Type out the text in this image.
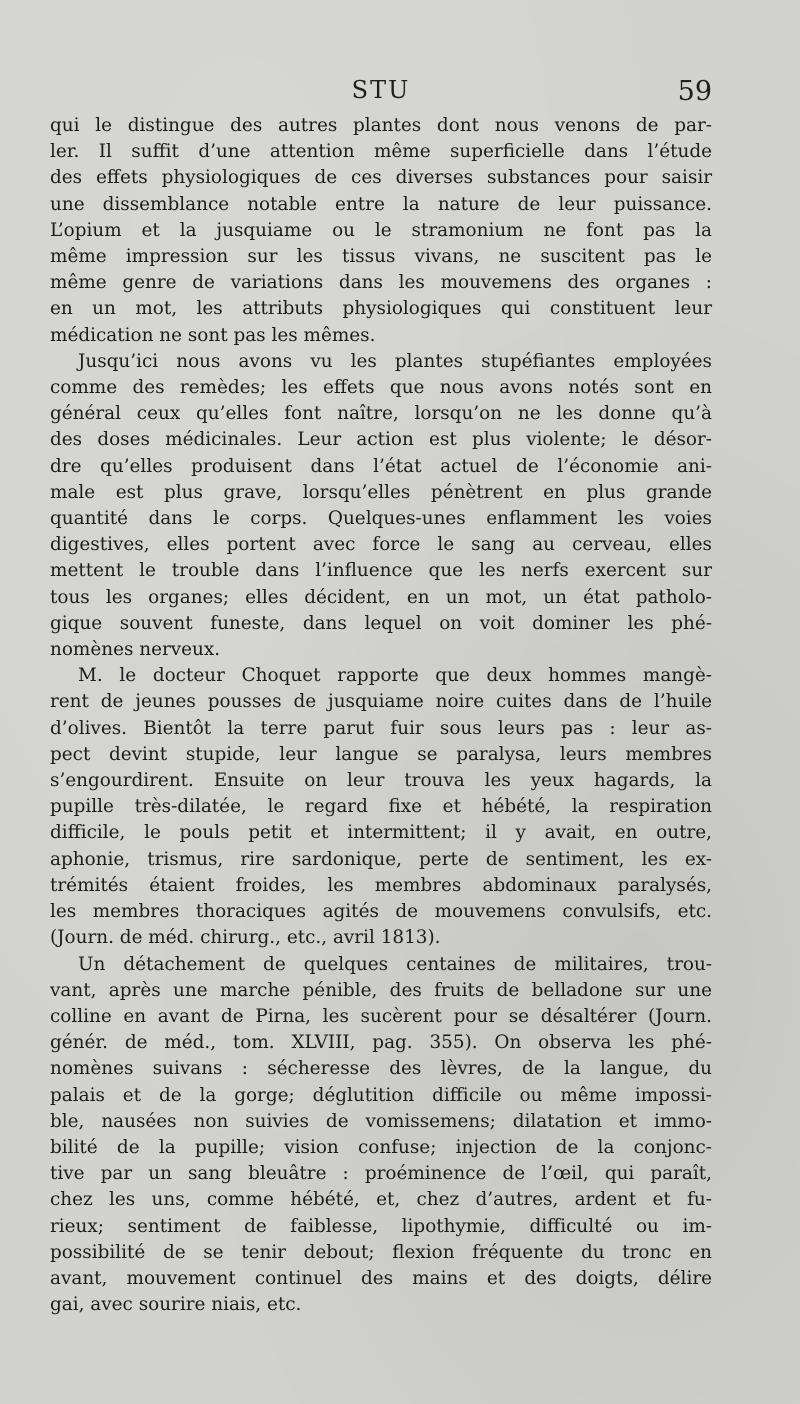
STU	59
qui le distingue des autres plantes dont nous venons de par-
ler. Il suffit d’une attention même superficielle dans l’étude
des effets physiologiques de ces diverses substances pour saisir
une dissemblance notable entre la nature de leur puissance.
L’opium et la jusquiame ou le stramonium ne font pas la
même impression sur les tissus vivans, ne suscitent pas le
même genre de variations dans les mouvemens des organes :
en un mot, les attributs physiologiques qui constituent leur
médication ne sont pas les mêmes.
Jusqu’ici nous avons vu les plantes stupéfiantes employées
comme des remèdes; les effets que nous avons notés sont en
général ceux qu’elles font naître, lorsqu’on ne les donne qu’à
des doses médicinales. Leur action est plus violente; le désor-
dre qu’elles produisent dans l’état actuel de l’économie ani-
male est plus grave, lorsqu’elles pénètrent en plus grande
quantité dans le corps. Quelques-unes enflamment les voies
digestives, elles portent avec force le sang au cerveau, elles
mettent le trouble dans l’influence que les nerfs exercent sur
tous les organes; elles décident, en un mot, un état patholo-
gique souvent funeste, dans lequel on voit dominer les phé-
nomènes nerveux.
M. le docteur Choquet rapporte que deux hommes mangè-
rent de jeunes pousses de jusquiame noire cuites dans de l’huile
d’olives. Bientôt la terre parut fuir sous leurs pas : leur as-
pect devint stupide, leur langue se paralysa, leurs membres
s’engourdirent. Ensuite on leur trouva les yeux hagards, la
pupille très-dilatée, le regard fixe et hébété, la respiration
difficile, le pouls petit et intermittent; il y avait, en outre,
aphonie, trismus, rire sardonique, perte de sentiment, les ex-
trémités étaient froides, les membres abdominaux paralysés,
les membres thoraciques agités de mouvemens convulsifs, etc.
(Journ. de méd. chirurg., etc., avril 1813).
Un détachement de quelques centaines de militaires, trou-
vant, après une marche pénible, des fruits de belladone sur une
colline en avant de Pirna, les sucèrent pour se désaltérer (Journ.
génér. de méd., tom. XLVIII, pag. 355). On observa les phé-
nomènes suivans : sécheresse des lèvres, de la langue, du
palais et de la gorge; déglutition difficile ou même impossi-
ble, nausées non suivies de vomissemens; dilatation et immo-
bilité de la pupille; vision confuse; injection de la conjonc-
tive par un sang bleuâtre : proéminence de l’œil, qui paraît,
chez les uns, comme hébété, et, chez d’autres, ardent et fu-
rieux; sentiment de faiblesse, lipothymie, difficulté ou im-
possibilité de se tenir debout; flexion fréquente du tronc en
avant, mouvement continuel des mains et des doigts, délire
gai, avec sourire niais, etc.
